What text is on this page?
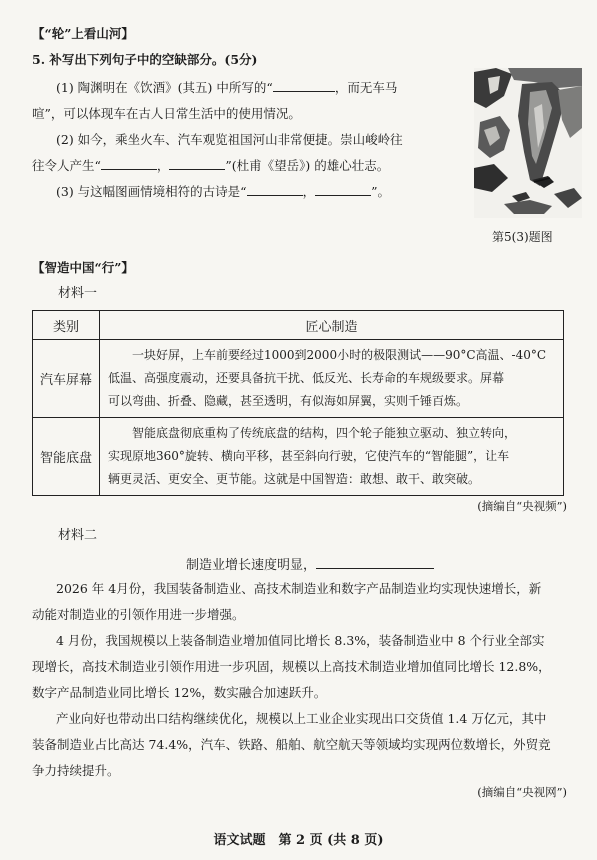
【“轮”上看山河】
5. 补写出下列句子中的空缺部分。(5分)
(1) 陶渊明在《饮酒》(其五) 中所写的“	，而无车马
喧”，可以体现车在古人日常生活中的使用情况。
(2) 如今，乘坐火车、汽车观览祖国河山非常便捷。崇山峻岭往
往令人产生“	，	”(杜甫《望岳》) 的雄心壮志。
(3) 与这幅图画情境相符的古诗是“	，	”。
第5(3)题图
【智造中国“行”】
材料一
类别	匠心制造
汽车屏幕	一块好屏，上车前要经过1000到2000小时的极限测试——90°C高温、-40°C
低温、高强度震动，还要具备抗干扰、低反光、长寿命的车规级要求。屏幕
可以弯曲、折叠、隐藏，甚至透明，有似海如屏翼，实则千锤百炼。

智能底盘	智能底盘彻底重构了传统底盘的结构，四个轮子能独立驱动、独立转向，
实现原地360°旋转、横向平移，甚至斜向行驶，它使汽车的“智能腿”，让车
辆更灵活、更安全、更节能。这就是中国智造：敢想、敢干、敢突破。
(摘编自“央视频”)
材料二
制造业增长速度明显，
2026 年 4月份，我国装备制造业、高技术制造业和数字产品制造业均实现快速增长，新
动能对制造业的引领作用进一步增强。
4 月份，我国规模以上装备制造业增加值同比增长 8.3%，装备制造业中 8 个行业全部实
现增长，高技术制造业引领作用进一步巩固，规模以上高技术制造业增加值同比增长 12.8%，
数字产品制造业同比增长 12%，数实融合加速跃升。
产业向好也带动出口结构继续优化，规模以上工业企业实现出口交货值 1.4 万亿元，其中
装备制造业占比高达 74.4%，汽车、铁路、船舶、航空航天等领域均实现两位数增长，外贸竞
争力持续提升。
(摘编自“央视网”)
语文试题　第 2 页 (共 8 页)
